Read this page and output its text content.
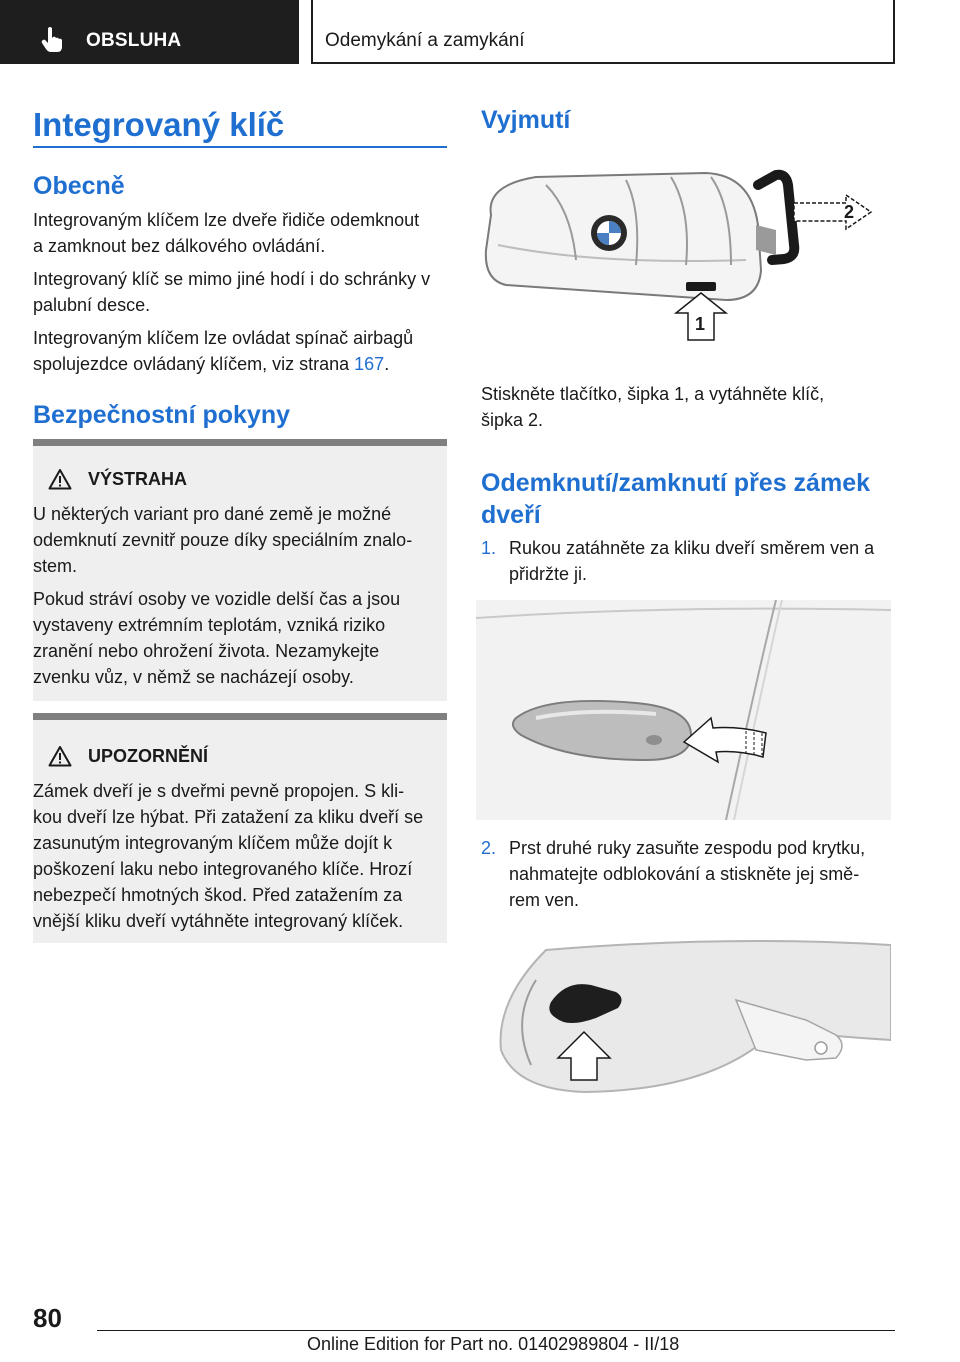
OBSLUHA	Odemykání a zamykání
Integrovaný klíč
Obecně
Integrovaným klíčem lze dveře řidiče odemknout
a zamknout bez dálkového ovládání.
Integrovaný klíč se mimo jiné hodí i do schránky v
palubní desce.
Integrovaným klíčem lze ovládat spínač airbagů
spolujezdce ovládaný klíčem, viz strana 167.
Bezpečnostní pokyny
VÝSTRAHA
U některých variant pro dané země je možné
odemknutí zevnitř pouze díky speciálním znalo-
stem.
Pokud stráví osoby ve vozidle delší čas a jsou
vystaveny extrémním teplotám, vzniká riziko
zranění nebo ohrožení života. Nezamykejte
zvenku vůz, v němž se nacházejí osoby.
UPOZORNĚNÍ
Zámek dveří je s dveřmi pevně propojen. S kli-
kou dveří lze hýbat. Při zatažení za kliku dveří se
zasunutým integrovaným klíčem může dojít k
poškození laku nebo integrovaného klíče. Hrozí
nebezpečí hmotných škod. Před zatažením za
vnější kliku dveří vytáhněte integrovaný klíček.
Vyjmutí
2
1
Stiskněte tlačítko, šipka 1, a vytáhněte klíč,
šipka 2.
Odemknutí/zamknutí přes zámek
dveří
1. Rukou zatáhněte za kliku dveří směrem ven a
přidržte ji.
2. Prst druhé ruky zasuňte zespodu pod krytku,
nahmatejte odblokování a stiskněte jej smě-
rem ven.
80
Online Edition for Part no. 01402989804 - II/18
